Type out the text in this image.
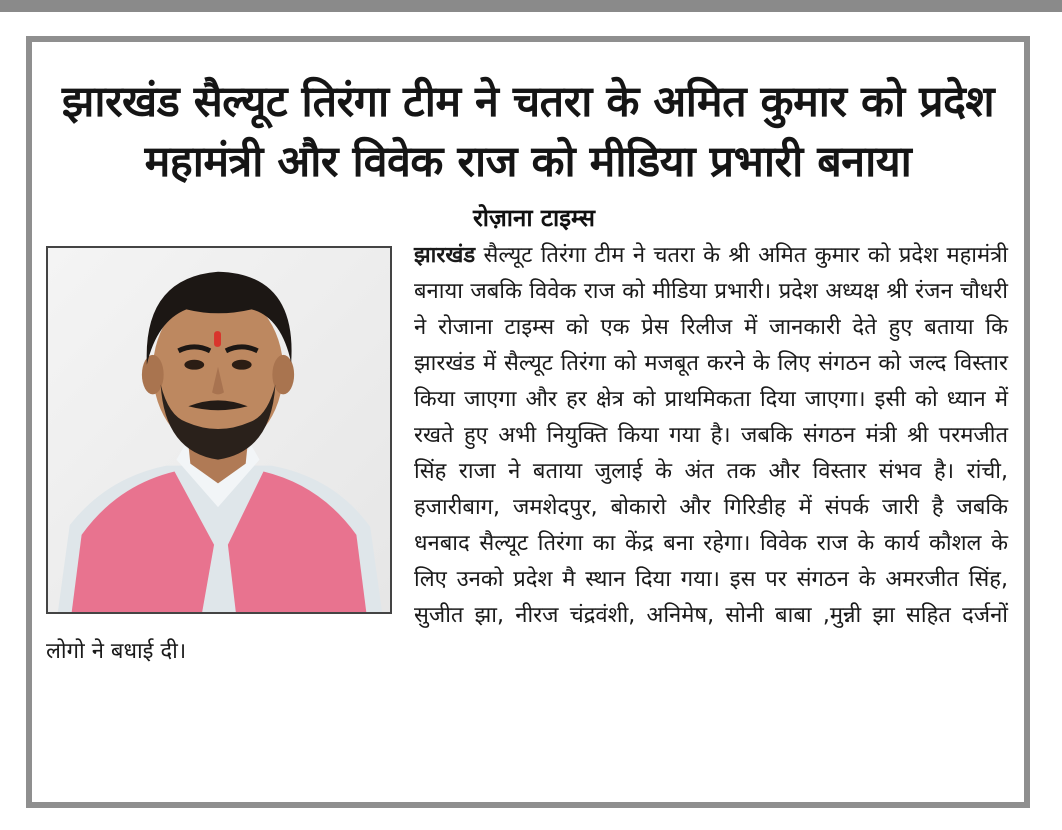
झारखंड सैल्यूट तिरंगा टीम ने चतरा के अमित कुमार को प्रदेश महामंत्री और विवेक राज को मीडिया प्रभारी बनाया
रोज़ाना टाइम्स
झारखंड सैल्यूट तिरंगा टीम ने चतरा के श्री अमित कुमार को प्रदेश महामंत्री बनाया जबकि विवेक राज को मीडिया प्रभारी। प्रदेश अध्यक्ष श्री रंजन चौधरी ने रोजाना टाइम्स को एक प्रेस रिलीज में जानकारी देते हुए बताया कि झारखंड में सैल्यूट तिरंगा को मजबूत करने के लिए संगठन को जल्द विस्तार किया जाएगा और हर क्षेत्र को प्राथमिकता दिया जाएगा। इसी को ध्यान में रखते हुए अभी नियुक्ति किया गया है। जबकि संगठन मंत्री श्री परमजीत सिंह राजा ने बताया जुलाई के अंत तक और विस्तार संभव है। रांची, हजारीबाग, जमशेदपुर, बोकारो और गिरिडीह में संपर्क जारी है जबकि धनबाद सैल्यूट तिरंगा का केंद्र बना रहेगा। विवेक राज के कार्य कौशल के लिए उनको प्रदेश मै स्थान दिया गया। इस पर संगठन के अमरजीत सिंह, सुजीत झा, नीरज चंद्रवंशी, अनिमेष, सोनी बाबा ,मुन्नी झा सहित दर्जनों लोगो ने बधाई दी।
